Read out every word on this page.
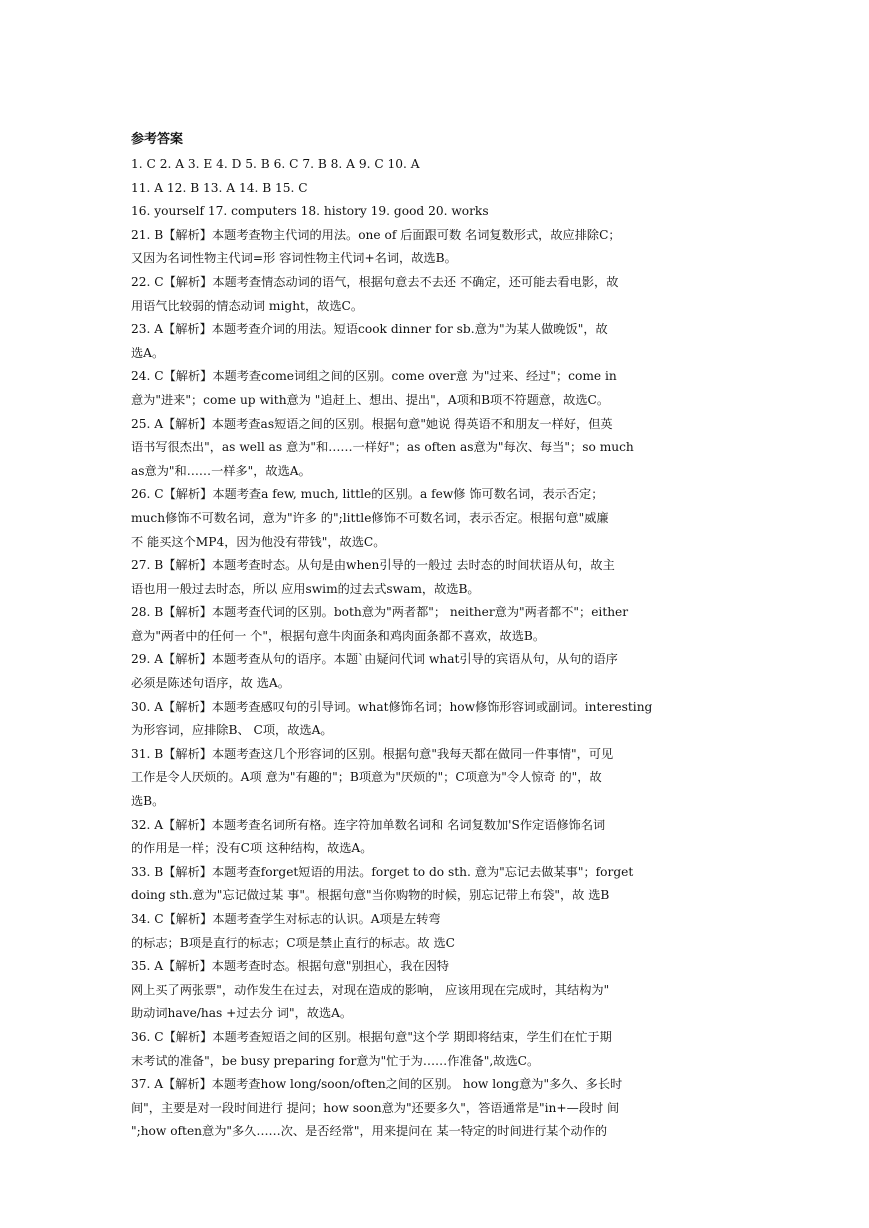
参考答案
1. C 2. A 3. E 4. D 5. B 6. C 7. B 8. A 9. C 10. A
11. A 12. B 13. A 14. B 15. C
16. yourself 17. computers 18. history 19. good 20. works
21. B【解析】本题考查物主代词的用法。one of 后面跟可数 名词复数形式，故应排除C；
又因为名词性物主代词=形 容词性物主代词+名词，故选B。
22. C【解析】本题考查情态动词的语气，根据句意去不去还 不确定，还可能去看电影，故
用语气比较弱的情态动词 might，故选C。
23. A【解析】本题考查介词的用法。短语cook dinner for sb.意为"为某人做晚饭"，故
选A。
24. C【解析】本题考查come词组之间的区别。come over意 为"过来、经过"；come in
意为"进来"；come up with意为 "追赶上、想出、提出"，A项和B项不符题意，故选C。
25. A【解析】本题考查as短语之间的区别。根据句意"她说 得英语不和朋友一样好，但英
语书写很杰出"，as well as 意为"和……一样好"；as often as意为"每次、每当"；so much
as意为"和……一样多"，故选A。
26. C【解析】本题考查a few, much, little的区别。a few修 饰可数名词，表示否定；
much修饰不可数名词，意为"许多 的";little修饰不可数名词，表示否定。根据句意"威廉
不 能买这个MP4，因为他没有带钱"，故选C。
27. B【解析】本题考查时态。从句是由when引导的一般过 去时态的时间状语从句，故主
语也用一般过去时态，所以 应用swim的过去式swam，故选B。
28. B【解析】本题考查代词的区别。both意为"两者都"； neither意为"两者都不"；either
意为"两者中的任何一 个"，根据句意牛肉面条和鸡肉面条都不喜欢，故选B。
29. A【解析】本题考查从句的语序。本题`由疑问代词 what引导的宾语从句，从句的语序
必须是陈述句语序，故 选A。
30. A【解析】本题考查感叹句的引导词。what修饰名词；how修饰形容词或副词。interesting
为形容词，应排除B、 C项，故选A。
31. B【解析】本题考查这几个形容词的区别。根据句意"我每天都在做同一件事情"，可见
工作是令人厌烦的。A项 意为"有趣的"；B项意为"厌烦的"；C项意为"令人惊奇 的"，故
选B。
32. A【解析】本题考查名词所有格。连字符加单数名词和 名词复数加'S作定语修饰名词
的作用是一样；没有C项 这种结构，故选A。
33. B【解析】本题考查forget短语的用法。forget to do sth. 意为"忘记去做某事"；forget
doing sth.意为"忘记做过某 事"。根据句意"当你购物的时候，别忘记带上布袋"，故 选B
34. C【解析】本题考查学生对标志的认识。A项是左转弯
的标志；B项是直行的标志；C项是禁止直行的标志。故 选C
35. A【解析】本题考查时态。根据句意"别担心，我在因特
网上买了两张票"，动作发生在过去，对现在造成的影响， 应该用现在完成时，其结构为"
助动词have/has +过去分 词"，故选A。
36. C【解析】本题考查短语之间的区别。根据句意"这个学 期即将结束，学生们在忙于期
末考试的准备"，be busy preparing for意为"忙于为……作准备",故选C。
37. A【解析】本题考查how long/soon/often之间的区别。 how long意为"多久、多长时
间"，主要是对一段时间进行 提问；how soon意为"还要多久"，答语通常是"in+—段时 间
";how often意为"多久……次、是否经常"，用来提问在 某一特定的时间进行某个动作的
